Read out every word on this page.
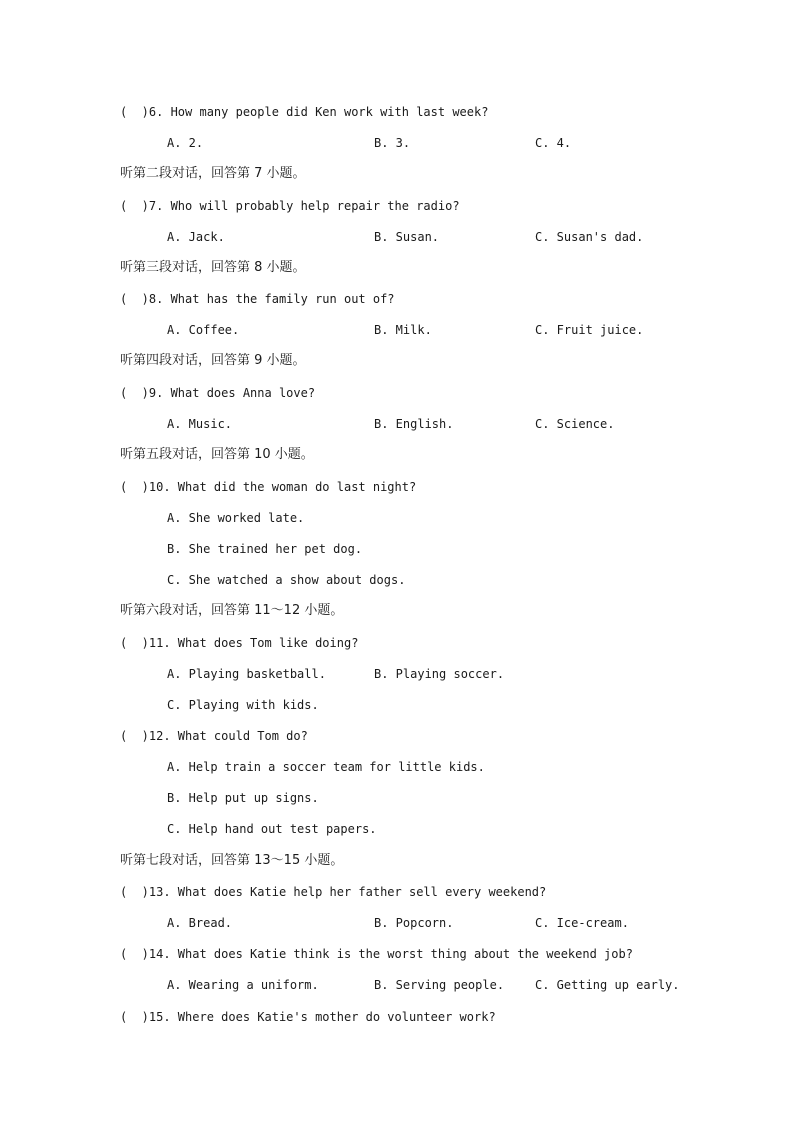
(  )6. How many people did Ken work with last week?
A. 2.	B. 3.	C. 4.
听第二段对话，回答第 7 小题。
(  )7. Who will probably help repair the radio?
A. Jack.	B. Susan.	C. Susan's dad.
听第三段对话，回答第 8 小题。
(  )8. What has the family run out of?
A. Coffee.	B. Milk.	C. Fruit juice.
听第四段对话，回答第 9 小题。
(  )9. What does Anna love?
A. Music.	B. English.	C. Science.
听第五段对话，回答第 10 小题。
(  )10. What did the woman do last night?
A. She worked late.
B. She trained her pet dog.
C. She watched a show about dogs.
听第六段对话，回答第 11～12 小题。
(  )11. What does Tom like doing?
A. Playing basketball.	B. Playing soccer.
C. Playing with kids.
(  )12. What could Tom do?
A. Help train a soccer team for little kids.
B. Help put up signs.
C. Help hand out test papers.
听第七段对话，回答第 13～15 小题。
(  )13. What does Katie help her father sell every weekend?
A. Bread.	B. Popcorn.	C. Ice-cream.
(  )14. What does Katie think is the worst thing about the weekend job?
A. Wearing a uniform.	B. Serving people.	C. Getting up early.
(  )15. Where does Katie's mother do volunteer work?
